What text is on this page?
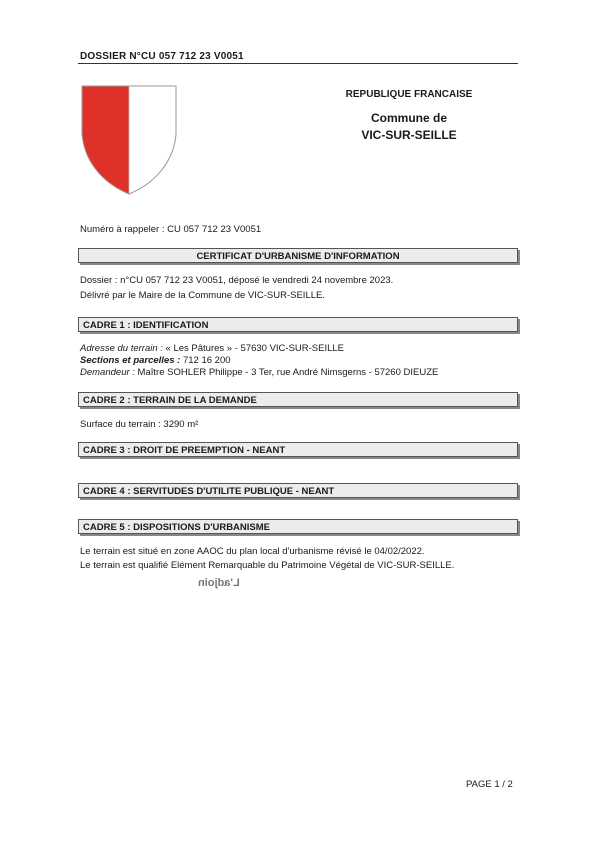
DOSSIER N°CU 057 712 23 V0051
REPUBLIQUE FRANCAISE
Commune de
VIC-SUR-SEILLE
Numéro à rappeler : CU 057 712 23 V0051
CERTIFICAT D'URBANISME D'INFORMATION
Dossier : n°CU 057 712 23 V0051, déposé le vendredi 24 novembre 2023.
Délivré par le Maire de la Commune de VIC-SUR-SEILLE.
CADRE 1 : IDENTIFICATION
Adresse du terrain : « Les Pâtures » - 57630 VIC-SUR-SEILLE
Sections et parcelles : 712 16 200
Demandeur : Maître SOHLER Philippe - 3 Ter, rue André Nimsgerns - 57260 DIEUZE
CADRE 2 : TERRAIN DE LA DEMANDE
Surface du terrain : 3290 m²
CADRE 3 : DROIT DE PREEMPTION - NEANT
CADRE 4 : SERVITUDES D'UTILITE PUBLIQUE - NEANT
CADRE 5 : DISPOSITIONS D'URBANISME
Le terrain est situé en zone AAOC du plan local d'urbanisme révisé le 04/02/2022.
Le terrain est qualifié Elément Remarquable du Patrimoine Végétal de VIC-SUR-SEILLE.
L'adjoin
PAGE 1 / 2
